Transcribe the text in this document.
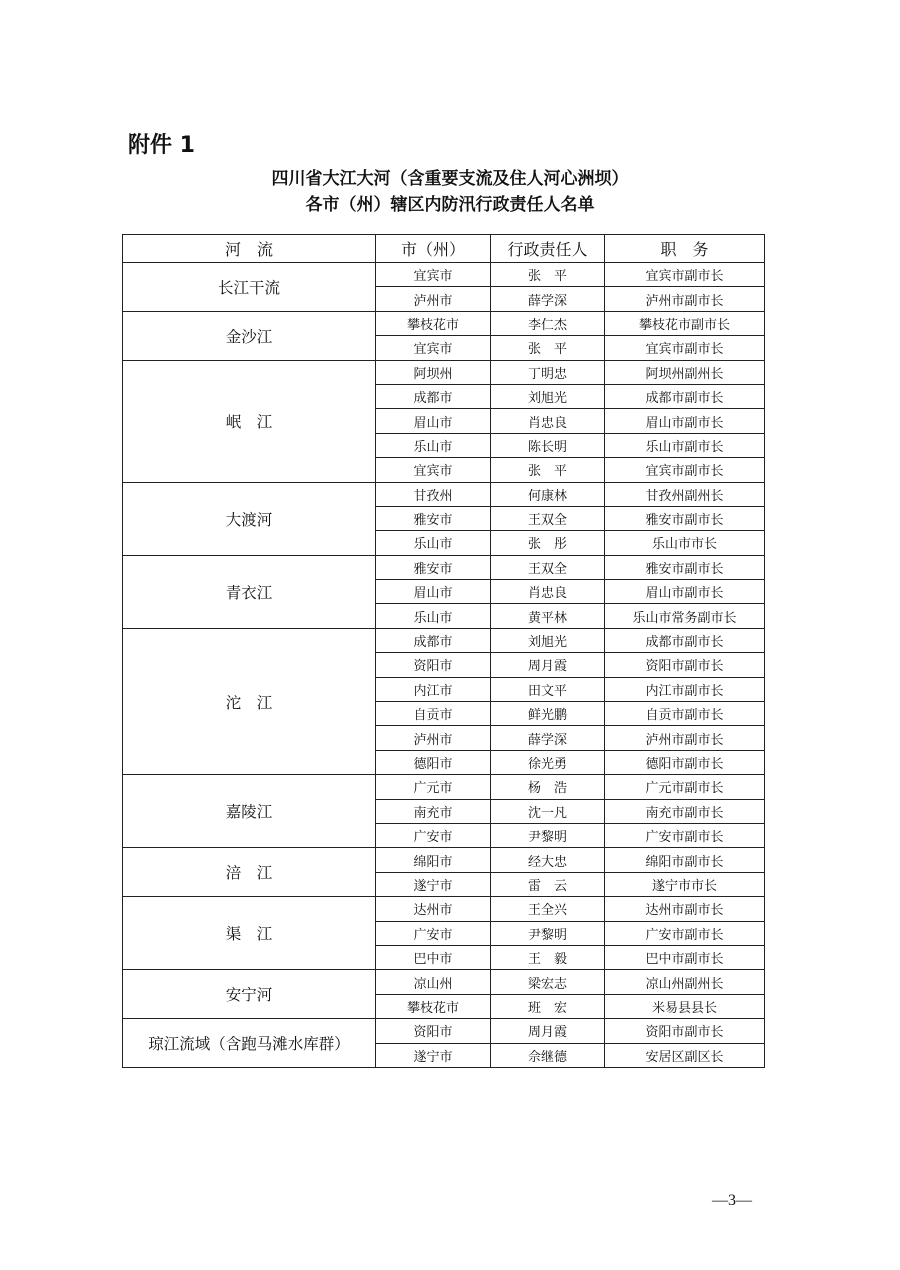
附件 1
四川省大江大河（含重要支流及住人河心洲坝）
各市（州）辖区内防汛行政责任人名单
河　流	市（州）	行政责任人	职　务
长江干流	宜宾市	张　平	宜宾市副市长
	泸州市	薛学深	泸州市副市长
金沙江	攀枝花市	李仁杰	攀枝花市副市长
	宜宾市	张　平	宜宾市副市长
岷　江	阿坝州	丁明忠	阿坝州副州长
	成都市	刘旭光	成都市副市长
	眉山市	肖忠良	眉山市副市长
	乐山市	陈长明	乐山市副市长
	宜宾市	张　平	宜宾市副市长
大渡河	甘孜州	何康林	甘孜州副州长
	雅安市	王双全	雅安市副市长
	乐山市	张　彤	乐山市市长
青衣江	雅安市	王双全	雅安市副市长
	眉山市	肖忠良	眉山市副市长
	乐山市	黄平林	乐山市常务副市长
沱　江	成都市	刘旭光	成都市副市长
	资阳市	周月霞	资阳市副市长
	内江市	田文平	内江市副市长
	自贡市	鲜光鹏	自贡市副市长
	泸州市	薛学深	泸州市副市长
	德阳市	徐光勇	德阳市副市长
嘉陵江	广元市	杨　浩	广元市副市长
	南充市	沈一凡	南充市副市长
	广安市	尹黎明	广安市副市长
涪　江	绵阳市	经大忠	绵阳市副市长
	遂宁市	雷　云	遂宁市市长
渠　江	达州市	王全兴	达州市副市长
	广安市	尹黎明	广安市副市长
	巴中市	王　毅	巴中市副市长
安宁河	凉山州	梁宏志	凉山州副州长
	攀枝花市	班　宏	米易县县长
琼江流域（含跑马滩水库群）	资阳市	周月霞	资阳市副市长
	遂宁市	佘继德	安居区副区长
—3—
